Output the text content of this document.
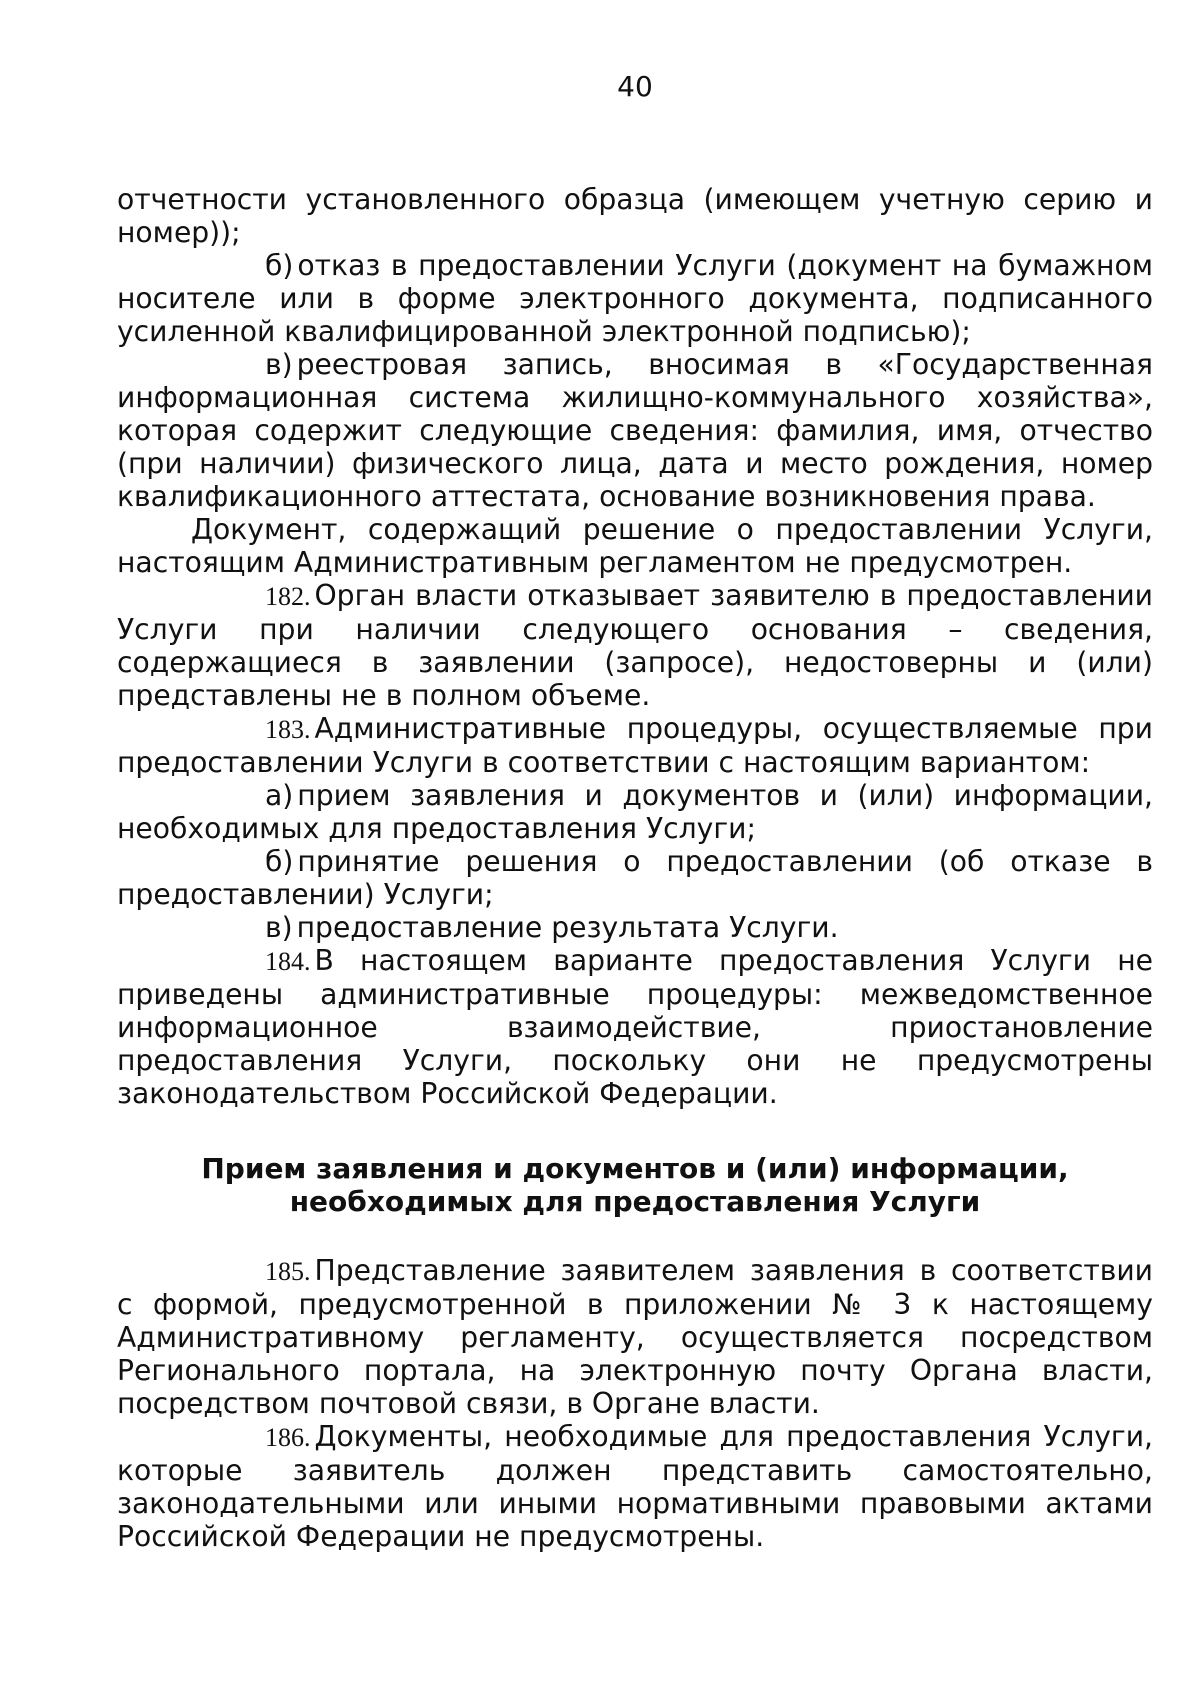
40

отчетности установленного образца (имеющем учетную серию и номер));

б) отказ в предоставлении Услуги (документ на бумажном носителе или в форме электронного документа, подписанного усиленной квалифицированной электронной подписью);

в) реестровая запись, вносимая в «Государственная информационная система жилищно-коммунального хозяйства», которая содержит следующие сведения: фамилия, имя, отчество (при наличии) физического лица, дата и место рождения, номер квалификационного аттестата, основание возникновения права.

Документ, содержащий решение о предоставлении Услуги, настоящим Административным регламентом не предусмотрен.

182. Орган власти отказывает заявителю в предоставлении Услуги при наличии следующего основания – сведения, содержащиеся в заявлении (запросе), недостоверны и (или) представлены не в полном объеме.

183. Административные процедуры, осуществляемые при предоставлении Услуги в соответствии с настоящим вариантом:

а) прием заявления и документов и (или) информации, необходимых для предоставления Услуги;

б) принятие решения о предоставлении (об отказе в предоставлении) Услуги;

в) предоставление результата Услуги.

184. В настоящем варианте предоставления Услуги не приведены административные процедуры: межведомственное информационное взаимодействие, приостановление предоставления Услуги, поскольку они не предусмотрены законодательством Российской Федерации.

Прием заявления и документов и (или) информации,
необходимых для предоставления Услуги

185. Представление заявителем заявления в соответствии с формой, предусмотренной в приложении № 3 к настоящему Административному регламенту, осуществляется посредством Регионального портала, на электронную почту Органа власти, посредством почтовой связи, в Органе власти.

186. Документы, необходимые для предоставления Услуги, которые заявитель должен представить самостоятельно, законодательными или иными нормативными правовыми актами Российской Федерации не предусмотрены.
